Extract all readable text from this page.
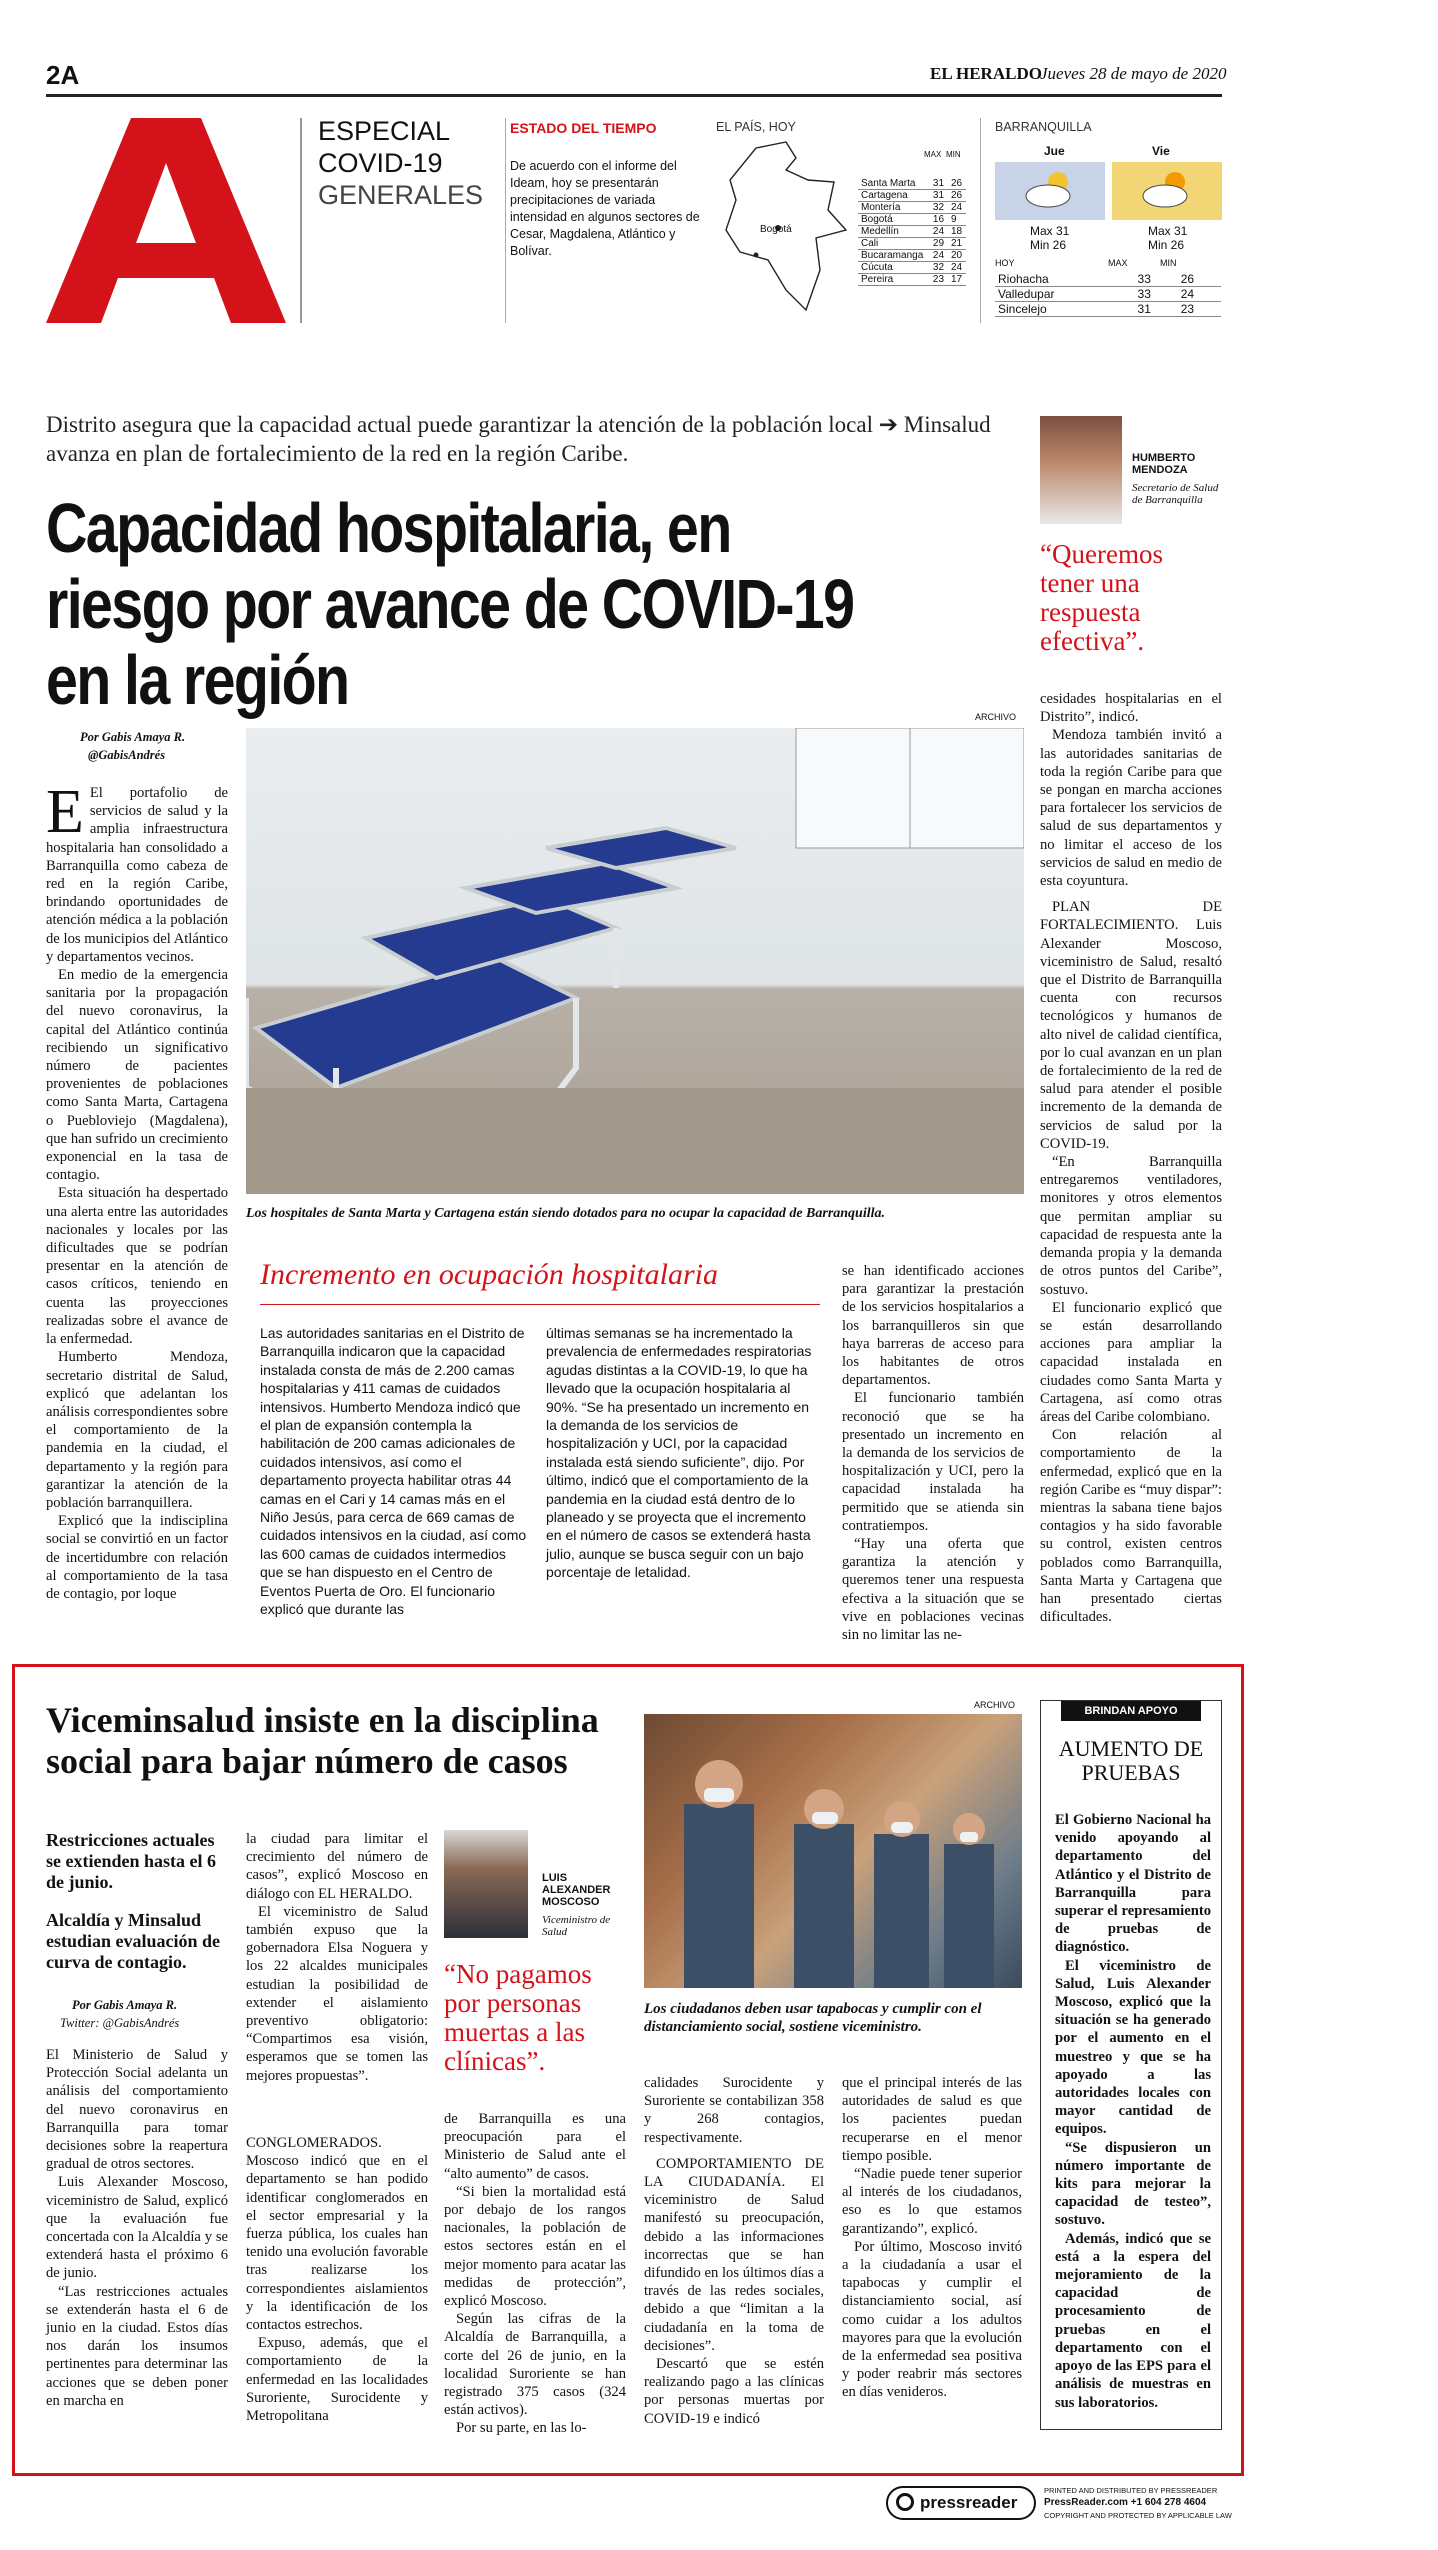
2A	EL HERALDO
Jueves 28 de mayo de 2020
ESPECIAL
COVID-19
GENERALES
ESTADO DEL TIEMPO
De acuerdo con el informe del Ideam, hoy se presentarán precipitaciones de variada intensidad en algunos sectores de Cesar, Magdalena, Atlántico y Bolívar.
EL PAÍS, HOY
Bogotá
MAX MIN
Santa Marta	31	26
Cartagena	31	26
Montería	32	24
Bogotá	16	9
Medellín	24	18
Cali	29	21
Bucaramanga	24	20
Cúcuta	32	24
Pereira	23	17
BARRANQUILLA
Jue	Vie
Max 31
Min 26
Max 31
Min 26
HOY	MAX	MIN
Riohacha	33	26
Valledupar	33	24
Sincelejo	31	23
Distrito asegura que la capacidad actual puede garantizar la atención de la población local ➔ Minsalud avanza en plan de fortalecimiento de la red en la región Caribe.
Capacidad hospitalaria, en riesgo por avance de COVID-19 en la región
HUMBERTO MENDOZA
Secretario de Salud de Barranquilla
“Queremos tener una respuesta efectiva”.
Por Gabis Amaya R.
@GabisAndrés
ARCHIVO
Los hospitales de Santa Marta y Cartagena están siendo dotados para no ocupar la capacidad de Barranquilla.

E El portafolio de servicios de salud y la amplia infraestructura hospitalaria han consolidado a Barranquilla como cabeza de red en la región Caribe, brindando oportunidades de atención médica a la población de los municipios del Atlántico y departamentos vecinos.

En medio de la emergencia sanitaria por la propagación del nuevo coronavirus, la capital del Atlántico continúa recibiendo un significativo número de pacientes provenientes de poblaciones como Santa Marta, Cartagena o Puebloviejo (Magdalena), que han sufrido un crecimiento exponencial en la tasa de contagio.

Esta situación ha despertado una alerta entre las autoridades nacionales y locales por las dificultades que se podrían presentar en la atención de casos críticos, teniendo en cuenta las proyecciones realizadas sobre el avance de la enfermedad.

Humberto Mendoza, secretario distrital de Salud, explicó que adelantan los análisis correspondientes sobre el comportamiento de la pandemia en la ciudad, el departamento y la región para garantizar la atención de la población barranquillera.

Explicó que la indisciplina social se convirtió en un factor de incertidumbre con relación al comportamiento de la tasa de contagio, por loque

Incremento en ocupación hospitalaria
Las autoridades sanitarias en el Distrito de Barranquilla indicaron que la capacidad instalada consta de más de 2.200 camas hospitalarias y 411 camas de cuidados intensivos. Humberto Mendoza indicó que el plan de expansión contempla la habilitación de 200 camas adicionales de cuidados intensivos, así como el departamento proyecta habilitar otras 44 camas en el Cari y 14 camas más en el Niño Jesús, para cerca de 669 camas de cuidados intensivos en la ciudad, así como las 600 camas de cuidados intermedios que se han dispuesto en el Centro de Eventos Puerta de Oro. El funcionario explicó que durante las
últimas semanas se ha incrementado la prevalencia de enfermedades respiratorias agudas distintas a la COVID-19, lo que ha llevado que la ocupación hospitalaria al 90%. “Se ha presentado un incremento en la demanda de los servicios de hospitalización y UCI, por la capacidad instalada está siendo suficiente”, dijo. Por último, indicó que el comportamiento de la pandemia en la ciudad está dentro de lo planeado y se proyecta que el incremento en el número de casos se extenderá hasta julio, aunque se busca seguir con un bajo porcentaje de letalidad.

se han identificado acciones para garantizar la prestación de los servicios hospitalarios a los barranquilleros sin que haya barreras de acceso para los habitantes de otros departamentos.

El funcionario también reconoció que se ha presentado un incremento en la demanda de los servicios de hospitalización y UCI, pero la capacidad instalada ha permitido que se atienda sin contratiempos.

“Hay una oferta que garantiza la atención y queremos tener una respuesta efectiva a la situación que se vive en poblaciones vecinas sin no limitar las ne-

cesidades hospitalarias en el Distrito”, indicó.

Mendoza también invitó a las autoridades sanitarias de toda la región Caribe para que se pongan en marcha acciones para fortalecer los servicios de salud de sus departamentos y no limitar el acceso de los servicios de salud en medio de esta coyuntura.

PLAN DE FORTALECIMIENTO. Luis Alexander Moscoso, viceministro de Salud, resaltó que el Distrito de Barranquilla cuenta con recursos tecnológicos y humanos de alto nivel de calidad científica, por lo cual avanzan en un plan de fortalecimiento de la red de salud para atender el posible incremento de la demanda de servicios de salud por la COVID-19.

“En Barranquilla entregaremos ventiladores, monitores y otros elementos que permitan ampliar su capacidad de respuesta ante la demanda propia y la demanda de otros puntos del Caribe”, sostuvo.

El funcionario explicó que se están desarrollando acciones para ampliar la capacidad instalada en ciudades como Santa Marta y Cartagena, así como otras áreas del Caribe colombiano.

Con relación al comportamiento de la enfermedad, explicó que en la región Caribe es “muy dispar”: mientras la sabana tiene bajos contagios y ha sido favorable su control, existen centros poblados como Barranquilla, Santa Marta y Cartagena que han presentado ciertas dificultades.

Viceminsalud insiste en la disciplina social para bajar número de casos
Restricciones actuales se extienden hasta el 6 de junio.
Alcaldía y Minsalud estudian evaluación de curva de contagio.
Por Gabis Amaya R.
Twitter: @GabisAndrés

El Ministerio de Salud y Protección Social adelanta un análisis del comportamiento del nuevo coronavirus en Barranquilla para tomar decisiones sobre la reapertura gradual de otros sectores.

Luis Alexander Moscoso, viceministro de Salud, explicó que la evaluación fue concertada con la Alcaldía y se extenderá hasta el próximo 6 de junio.

“Las restricciones actuales se extenderán hasta el 6 de junio en la ciudad. Estos días nos darán los insumos pertinentes para determinar las acciones que se deben poner en marcha en

la ciudad para limitar el crecimiento del número de casos”, explicó Moscoso en diálogo con EL HERALDO.

El viceministro de Salud también expuso que la gobernadora Elsa Noguera y los 22 alcaldes municipales estudian la posibilidad de extender el aislamiento preventivo obligatorio: “Compartimos esa visión, esperamos que se tomen las mejores propuestas”.

LUIS ALEXANDER MOSCOSO
Viceministro de Salud
“No pagamos por personas muertas a las clínicas”.
ARCHIVO
Los ciudadanos deben usar tapabocas y cumplir con el distanciamiento social, sostiene viceministro.

CONGLOMERADOS. Moscoso indicó que en el departamento se han podido identificar conglomerados en el sector empresarial y la fuerza pública, los cuales han tenido una evolución favorable tras realizarse los correspondientes aislamientos y la identificación de los contactos estrechos.

Expuso, además, que el comportamiento de la enfermedad en las localidades Suroriente, Surocidente y Metropolitana

de Barranquilla es una preocupación para el Ministerio de Salud ante el “alto aumento” de casos.

“Si bien la mortalidad está por debajo de los rangos nacionales, la población de estos sectores están en el mejor momento para acatar las medidas de protección”, explicó Moscoso.

Según las cifras de la Alcaldía de Barranquilla, a corte del 26 de junio, en la localidad Suroriente se han registrado 375 casos (324 están activos).

Por su parte, en las lo-

calidades Surocidente y Suroriente se contabilizan 358 y 268 contagios, respectivamente.

COMPORTAMIENTO DE LA CIUDADANÍA. El viceministro de Salud manifestó su preocupación, debido a las informaciones incorrectas que se han difundido en los últimos días a través de las redes sociales, debido a que “limitan a la ciudadanía en la toma de decisiones”.

Descartó que se estén realizando pago a las clínicas por personas muertas por COVID-19 e indicó

que el principal interés de las autoridades de salud es que los pacientes puedan recuperarse en el menor tiempo posible.

“Nadie puede tener superior al interés de los ciudadanos, eso es lo que estamos garantizando”, explicó.

Por último, Moscoso invitó a la ciudadanía a usar el tapabocas y cumplir el distanciamiento social, así como cuidar a los adultos mayores para que la evolución de la enfermedad sea positiva y poder reabrir más sectores en días venideros.

BRINDAN APOYO
AUMENTO DE PRUEBAS

El Gobierno Nacional ha venido apoyando al departamento del Atlántico y el Distrito de Barranquilla para superar el represamiento de pruebas de diagnóstico.

El viceministro de Salud, Luis Alexander Moscoso, explicó que la situación se ha generado por el aumento en el muestreo y que se ha apoyado a las autoridades locales con mayor cantidad de equipos.

“Se dispusieron un número importante de kits para mejorar la capacidad de testeo”, sostuvo.

Además, indicó que se está a la espera del mejoramiento de la capacidad de procesamiento de pruebas en el departamento con el apoyo de las EPS para el análisis de muestras en sus laboratorios.

pressreader
PRINTED AND DISTRIBUTED BY PRESSREADER
PressReader.com +1 604 278 4604
COPYRIGHT AND PROTECTED BY APPLICABLE LAW
